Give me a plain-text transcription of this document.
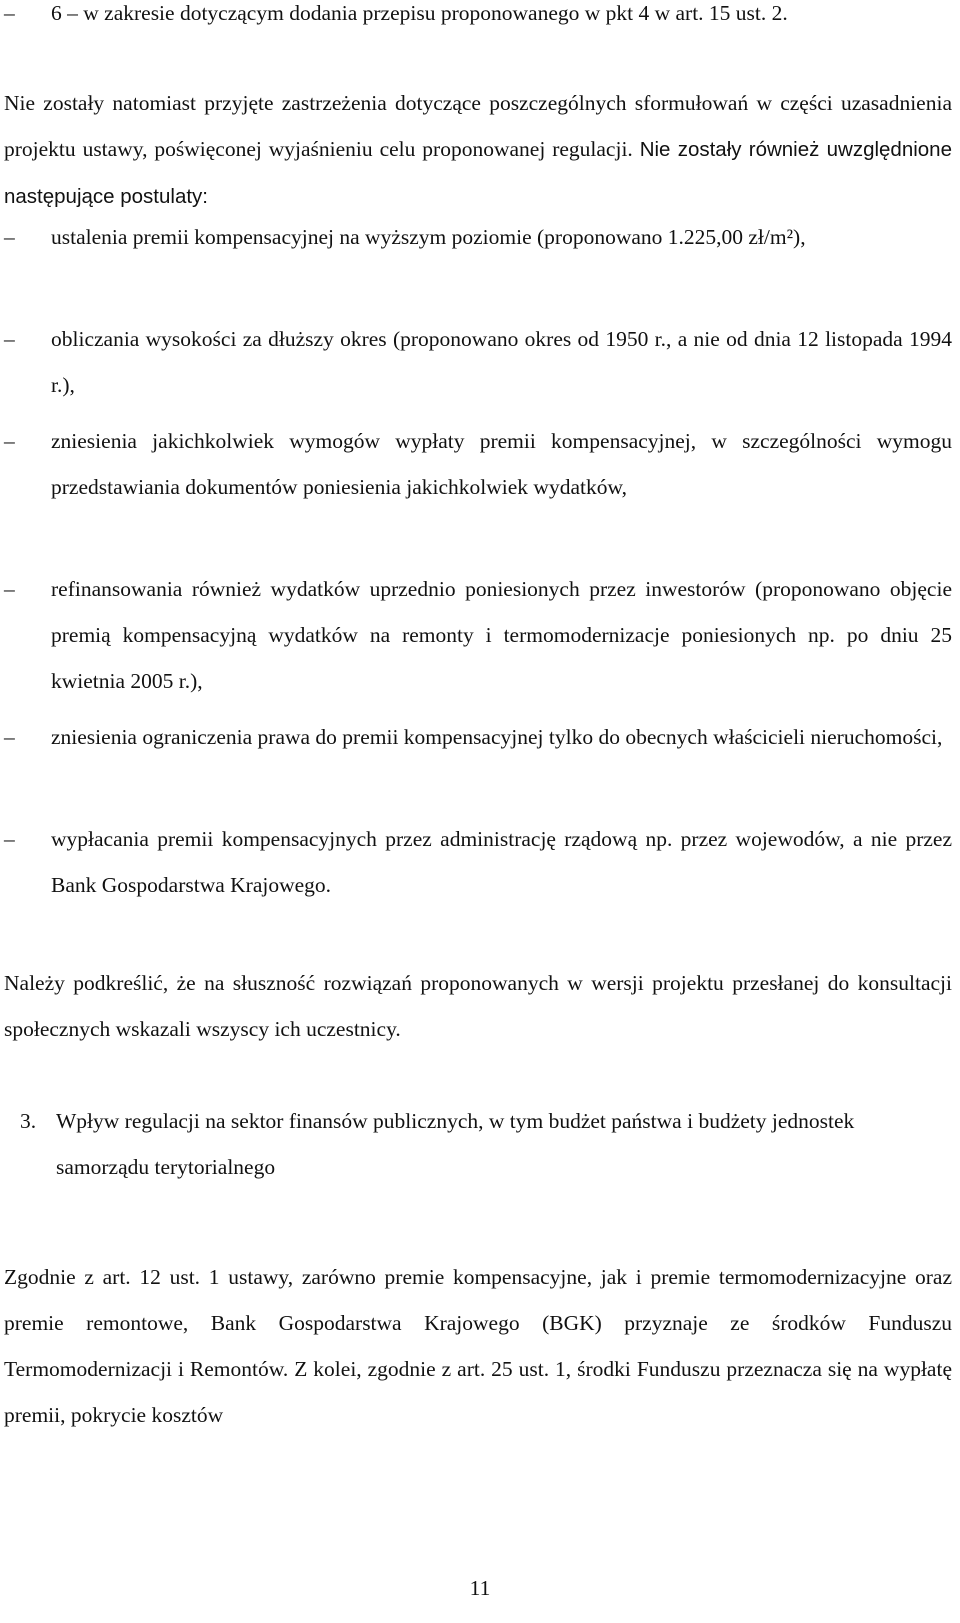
–	6 – w zakresie dotyczącym dodania przepisu proponowanego w pkt 4 w art. 15 ust. 2.
Nie zostały natomiast przyjęte zastrzeżenia dotyczące poszczególnych sformułowań w części uzasadnienia projektu ustawy, poświęconej wyjaśnieniu celu proponowanej regulacji. Nie zostały również uwzględnione następujące postulaty:
–	ustalenia premii kompensacyjnej na wyższym poziomie (proponowano 1.225,00 zł/m²),
–	obliczania wysokości za dłuższy okres (proponowano okres od 1950 r., a nie od dnia 12 listopada 1994 r.),
–	zniesienia jakichkolwiek wymogów wypłaty premii kompensacyjnej, w szczególności wymogu przedstawiania dokumentów poniesienia jakichkolwiek wydatków,
–	refinansowania również wydatków uprzednio poniesionych przez inwestorów (proponowano objęcie premią kompensacyjną wydatków na remonty i termomodernizacje poniesionych np. po dniu 25 kwietnia 2005 r.),
–	zniesienia ograniczenia prawa do premii kompensacyjnej tylko do obecnych właścicieli nieruchomości,
–	wypłacania premii kompensacyjnych przez administrację rządową np. przez wojewodów, a nie przez Bank Gospodarstwa Krajowego.
Należy podkreślić, że na słuszność rozwiązań proponowanych w wersji projektu przesłanej do konsultacji społecznych wskazali wszyscy ich uczestnicy.
3. Wpływ regulacji na sektor finansów publicznych, w tym budżet państwa i budżety jednostek samorządu terytorialnego
Zgodnie z art. 12 ust. 1 ustawy, zarówno premie kompensacyjne, jak i premie termomodernizacyjne oraz premie remontowe, Bank Gospodarstwa Krajowego (BGK) przyznaje ze środków Funduszu Termomodernizacji i Remontów. Z kolei, zgodnie z art. 25 ust. 1, środki Funduszu przeznacza się na wypłatę premii, pokrycie kosztów
11
